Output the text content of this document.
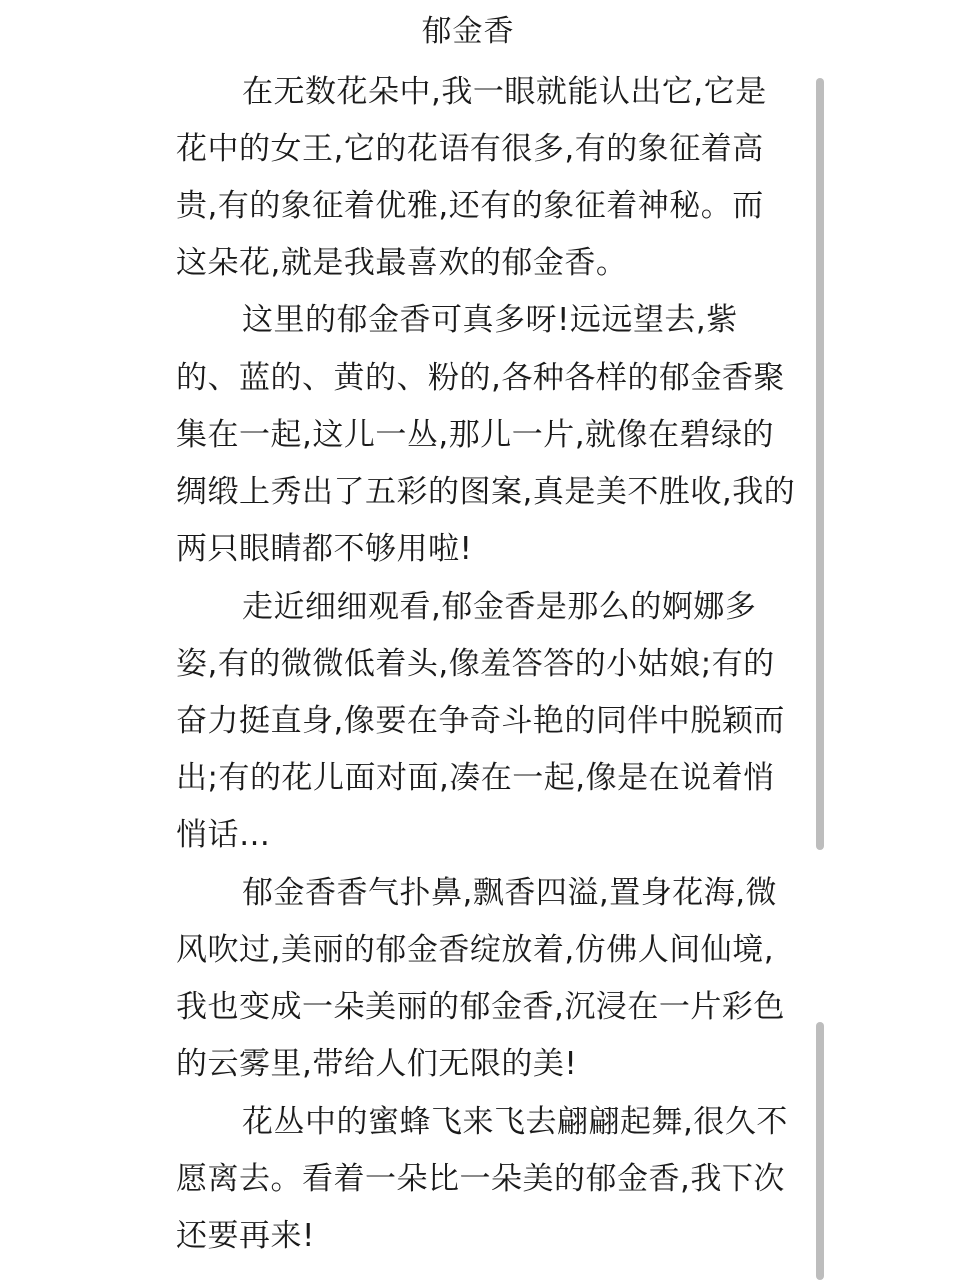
郁金香
在无数花朵中,我一眼就能认出它,它是
花中的女王,它的花语有很多,有的象征着高
贵,有的象征着优雅,还有的象征着神秘。而
这朵花,就是我最喜欢的郁金香。
这里的郁金香可真多呀!远远望去,紫
的、蓝的、黄的、粉的,各种各样的郁金香聚
集在一起,这儿一丛,那儿一片,就像在碧绿的
绸缎上秀出了五彩的图案,真是美不胜收,我的
两只眼睛都不够用啦!
走近细细观看,郁金香是那么的婀娜多
姿,有的微微低着头,像羞答答的小姑娘;有的
奋力挺直身,像要在争奇斗艳的同伴中脱颖而
出;有的花儿面对面,凑在一起,像是在说着悄
悄话…
郁金香香气扑鼻,飘香四溢,置身花海,微
风吹过,美丽的郁金香绽放着,仿佛人间仙境,
我也变成一朵美丽的郁金香,沉浸在一片彩色
的云雾里,带给人们无限的美!
花丛中的蜜蜂飞来飞去翩翩起舞,很久不
愿离去。看着一朵比一朵美的郁金香,我下次
还要再来!
